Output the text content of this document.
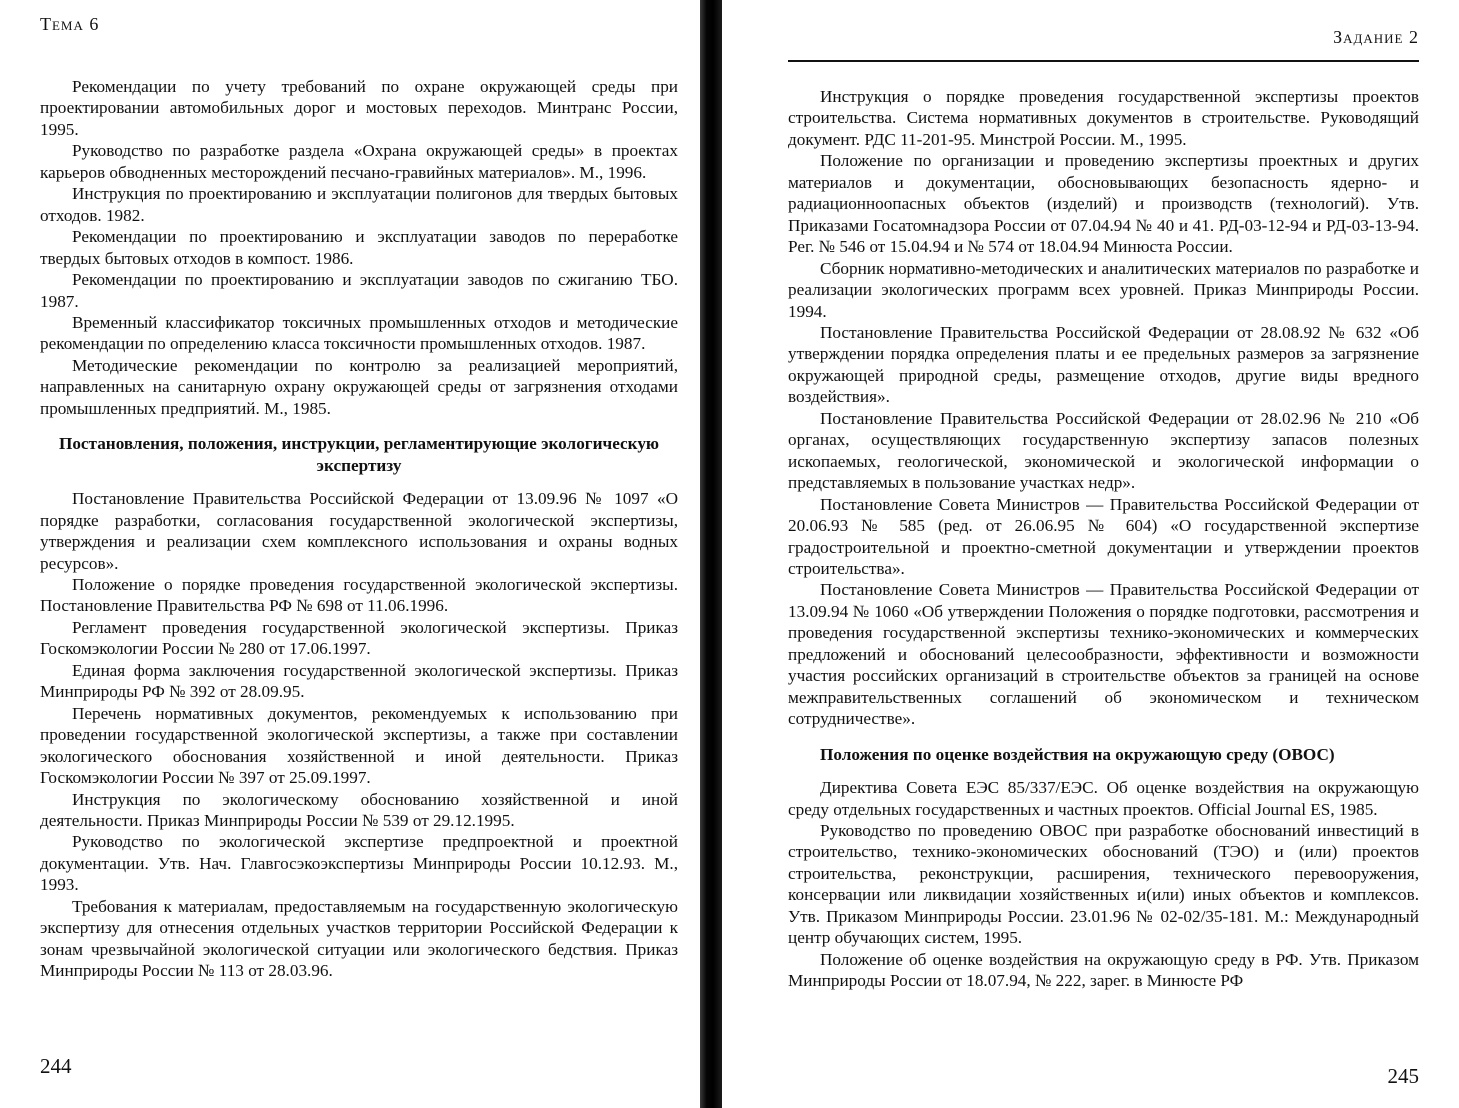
Тема 6

Рекомендации по учету требований по охране окружающей среды при проектировании автомобильных дорог и мостовых переходов. Минтранс России, 1995.

Руководство по разработке раздела «Охрана окружающей среды» в проектах карьеров обводненных месторождений песчано-гравийных материалов». М., 1996.

Инструкция по проектированию и эксплуатации полигонов для твердых бытовых отходов. 1982.

Рекомендации по проектированию и эксплуатации заводов по переработке твердых бытовых отходов в компост. 1986.

Рекомендации по проектированию и эксплуатации заводов по сжиганию ТБО. 1987.

Временный классификатор токсичных промышленных отходов и методические рекомендации по определению класса токсичности промышленных отходов. 1987.

Методические рекомендации по контролю за реализацией мероприятий, направленных на санитарную охрану окружающей среды от загрязнения отходами промышленных предприятий. М., 1985.

Постановления, положения, инструкции, регламентирующие экологическую экспертизу

Постановление Правительства Российской Федерации от 13.09.96 № 1097 «О порядке разработки, согласования государственной экологической экспертизы, утверждения и реализации схем комплексного использования и охраны водных ресурсов».

Положение о порядке проведения государственной экологической экспертизы. Постановление Правительства РФ № 698 от 11.06.1996.

Регламент проведения государственной экологической экспертизы. Приказ Госкомэкологии России № 280 от 17.06.1997.

Единая форма заключения государственной экологической экспертизы. Приказ Минприроды РФ № 392 от 28.09.95.

Перечень нормативных документов, рекомендуемых к использованию при проведении государственной экологической экспертизы, а также при составлении экологического обоснования хозяйственной и иной деятельности. Приказ Госкомэкологии России № 397 от 25.09.1997.

Инструкция по экологическому обоснованию хозяйственной и иной деятельности. Приказ Минприроды России № 539 от 29.12.1995.

Руководство по экологической экспертизе предпроектной и проектной документации. Утв. Нач. Главгосэкоэкспертизы Минприроды России 10.12.93. М., 1993.

Требования к материалам, предоставляемым на государственную экологическую экспертизу для отнесения отдельных участков территории Российской Федерации к зонам чрезвычайной экологической ситуации или экологического бедствия. Приказ Минприроды России № 113 от 28.03.96.

244
Задание 2

Инструкция о порядке проведения государственной экспертизы проектов строительства. Система нормативных документов в строительстве. Руководящий документ. РДС 11-201-95. Минстрой России. М., 1995.

Положение по организации и проведению экспертизы проектных и других материалов и документации, обосновывающих безопасность ядерно- и радиационноопасных объектов (изделий) и производств (технологий). Утв. Приказами Госатомнадзора России от 07.04.94 № 40 и 41. РД-03-12-94 и РД-03-13-94. Рег. № 546 от 15.04.94 и № 574 от 18.04.94 Минюста России.

Сборник нормативно-методических и аналитических материалов по разработке и реализации экологических программ всех уровней. Приказ Минприроды России. 1994.

Постановление Правительства Российской Федерации от 28.08.92 № 632 «Об утверждении порядка определения платы и ее предельных размеров за загрязнение окружающей природной среды, размещение отходов, другие виды вредного воздействия».

Постановление Правительства Российской Федерации от 28.02.96 № 210 «Об органах, осуществляющих государственную экспертизу запасов полезных ископаемых, геологической, экономической и экологической информации о представляемых в пользование участках недр».

Постановление Совета Министров — Правительства Российской Федерации от 20.06.93 № 585 (ред. от 26.06.95 № 604) «О государственной экспертизе градостроительной и проектно-сметной документации и утверждении проектов строительства».

Постановление Совета Министров — Правительства Российской Федерации от 13.09.94 № 1060 «Об утверждении Положения о порядке подготовки, рассмотрения и проведения государственной экспертизы технико-экономических и коммерческих предложений и обоснований целесообразности, эффективности и возможности участия российских организаций в строительстве объектов за границей на основе межправительственных соглашений об экономическом и техническом сотрудничестве».

Положения по оценке воздействия на окружающую среду (ОВОС)

Директива Совета ЕЭС 85/337/ЕЭС. Об оценке воздействия на окружающую среду отдельных государственных и частных проектов. Official Journal ES, 1985.

Руководство по проведению ОВОС при разработке обоснований инвестиций в строительство, технико-экономических обоснований (ТЭО) и (или) проектов строительства, реконструкции, расширения, технического перевооружения, консервации или ликвидации хозяйственных и(или) иных объектов и комплексов. Утв. Приказом Минприроды России. 23.01.96 № 02-02/35-181. М.: Международный центр обучающих систем, 1995.

Положение об оценке воздействия на окружающую среду в РФ. Утв. Приказом Минприроды России от 18.07.94, № 222, зарег. в Минюсте РФ

245
